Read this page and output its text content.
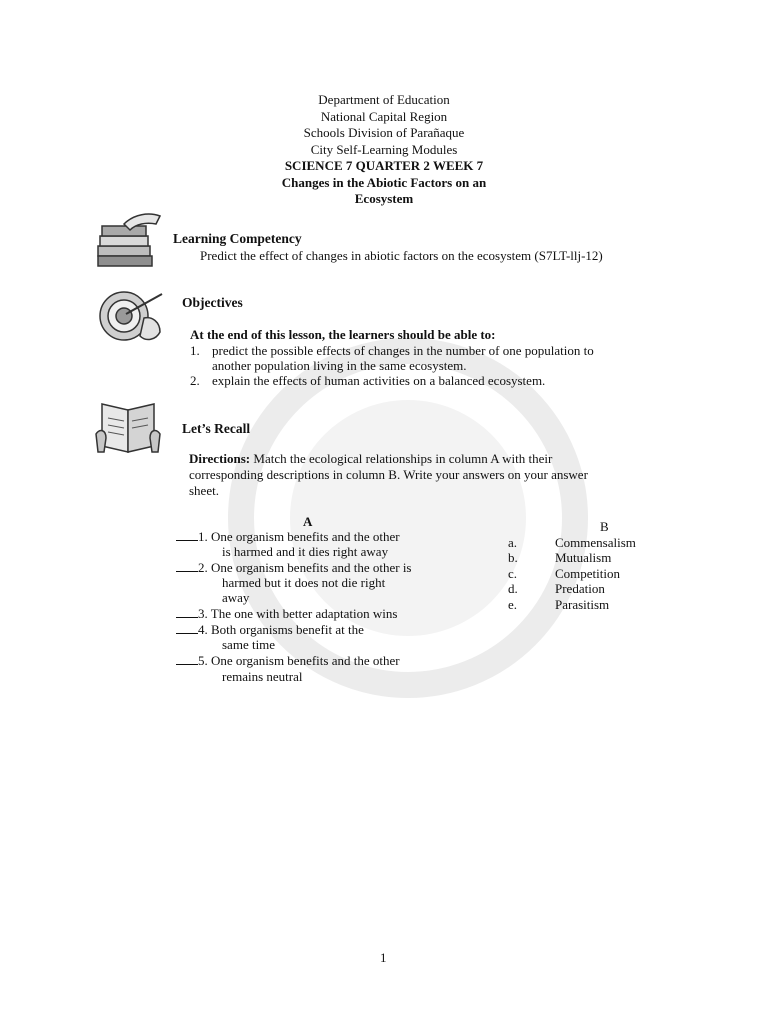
Department of Education
National Capital Region
Schools Division of Parañaque
City Self-Learning Modules
SCIENCE 7 QUARTER 2 WEEK 7
Changes in the Abiotic Factors on an
Ecosystem
Learning Competency
Predict the effect of changes in abiotic factors on the ecosystem (S7LT-llj-12)
Objectives
At the end of this lesson, the learners should be able to:
1. predict the possible effects of changes in the number of one population to
another population living in the same ecosystem.
2. explain the effects of human activities on a balanced ecosystem.
Let’s Recall
Directions: Match the ecological relationships in column A with their
corresponding descriptions in column B. Write your answers on your answer
sheet.
A
1. One organism benefits and the other
is harmed and it dies right away
2. One organism benefits and the other is
harmed but it does not die right
away
3. The one with better adaptation wins
4. Both organisms benefit at the
same time
5. One organism benefits and the other
remains neutral
B
a.	Commensalism
b.	Mutualism
c.	Competition
d.	Predation
e.	Parasitism
1
